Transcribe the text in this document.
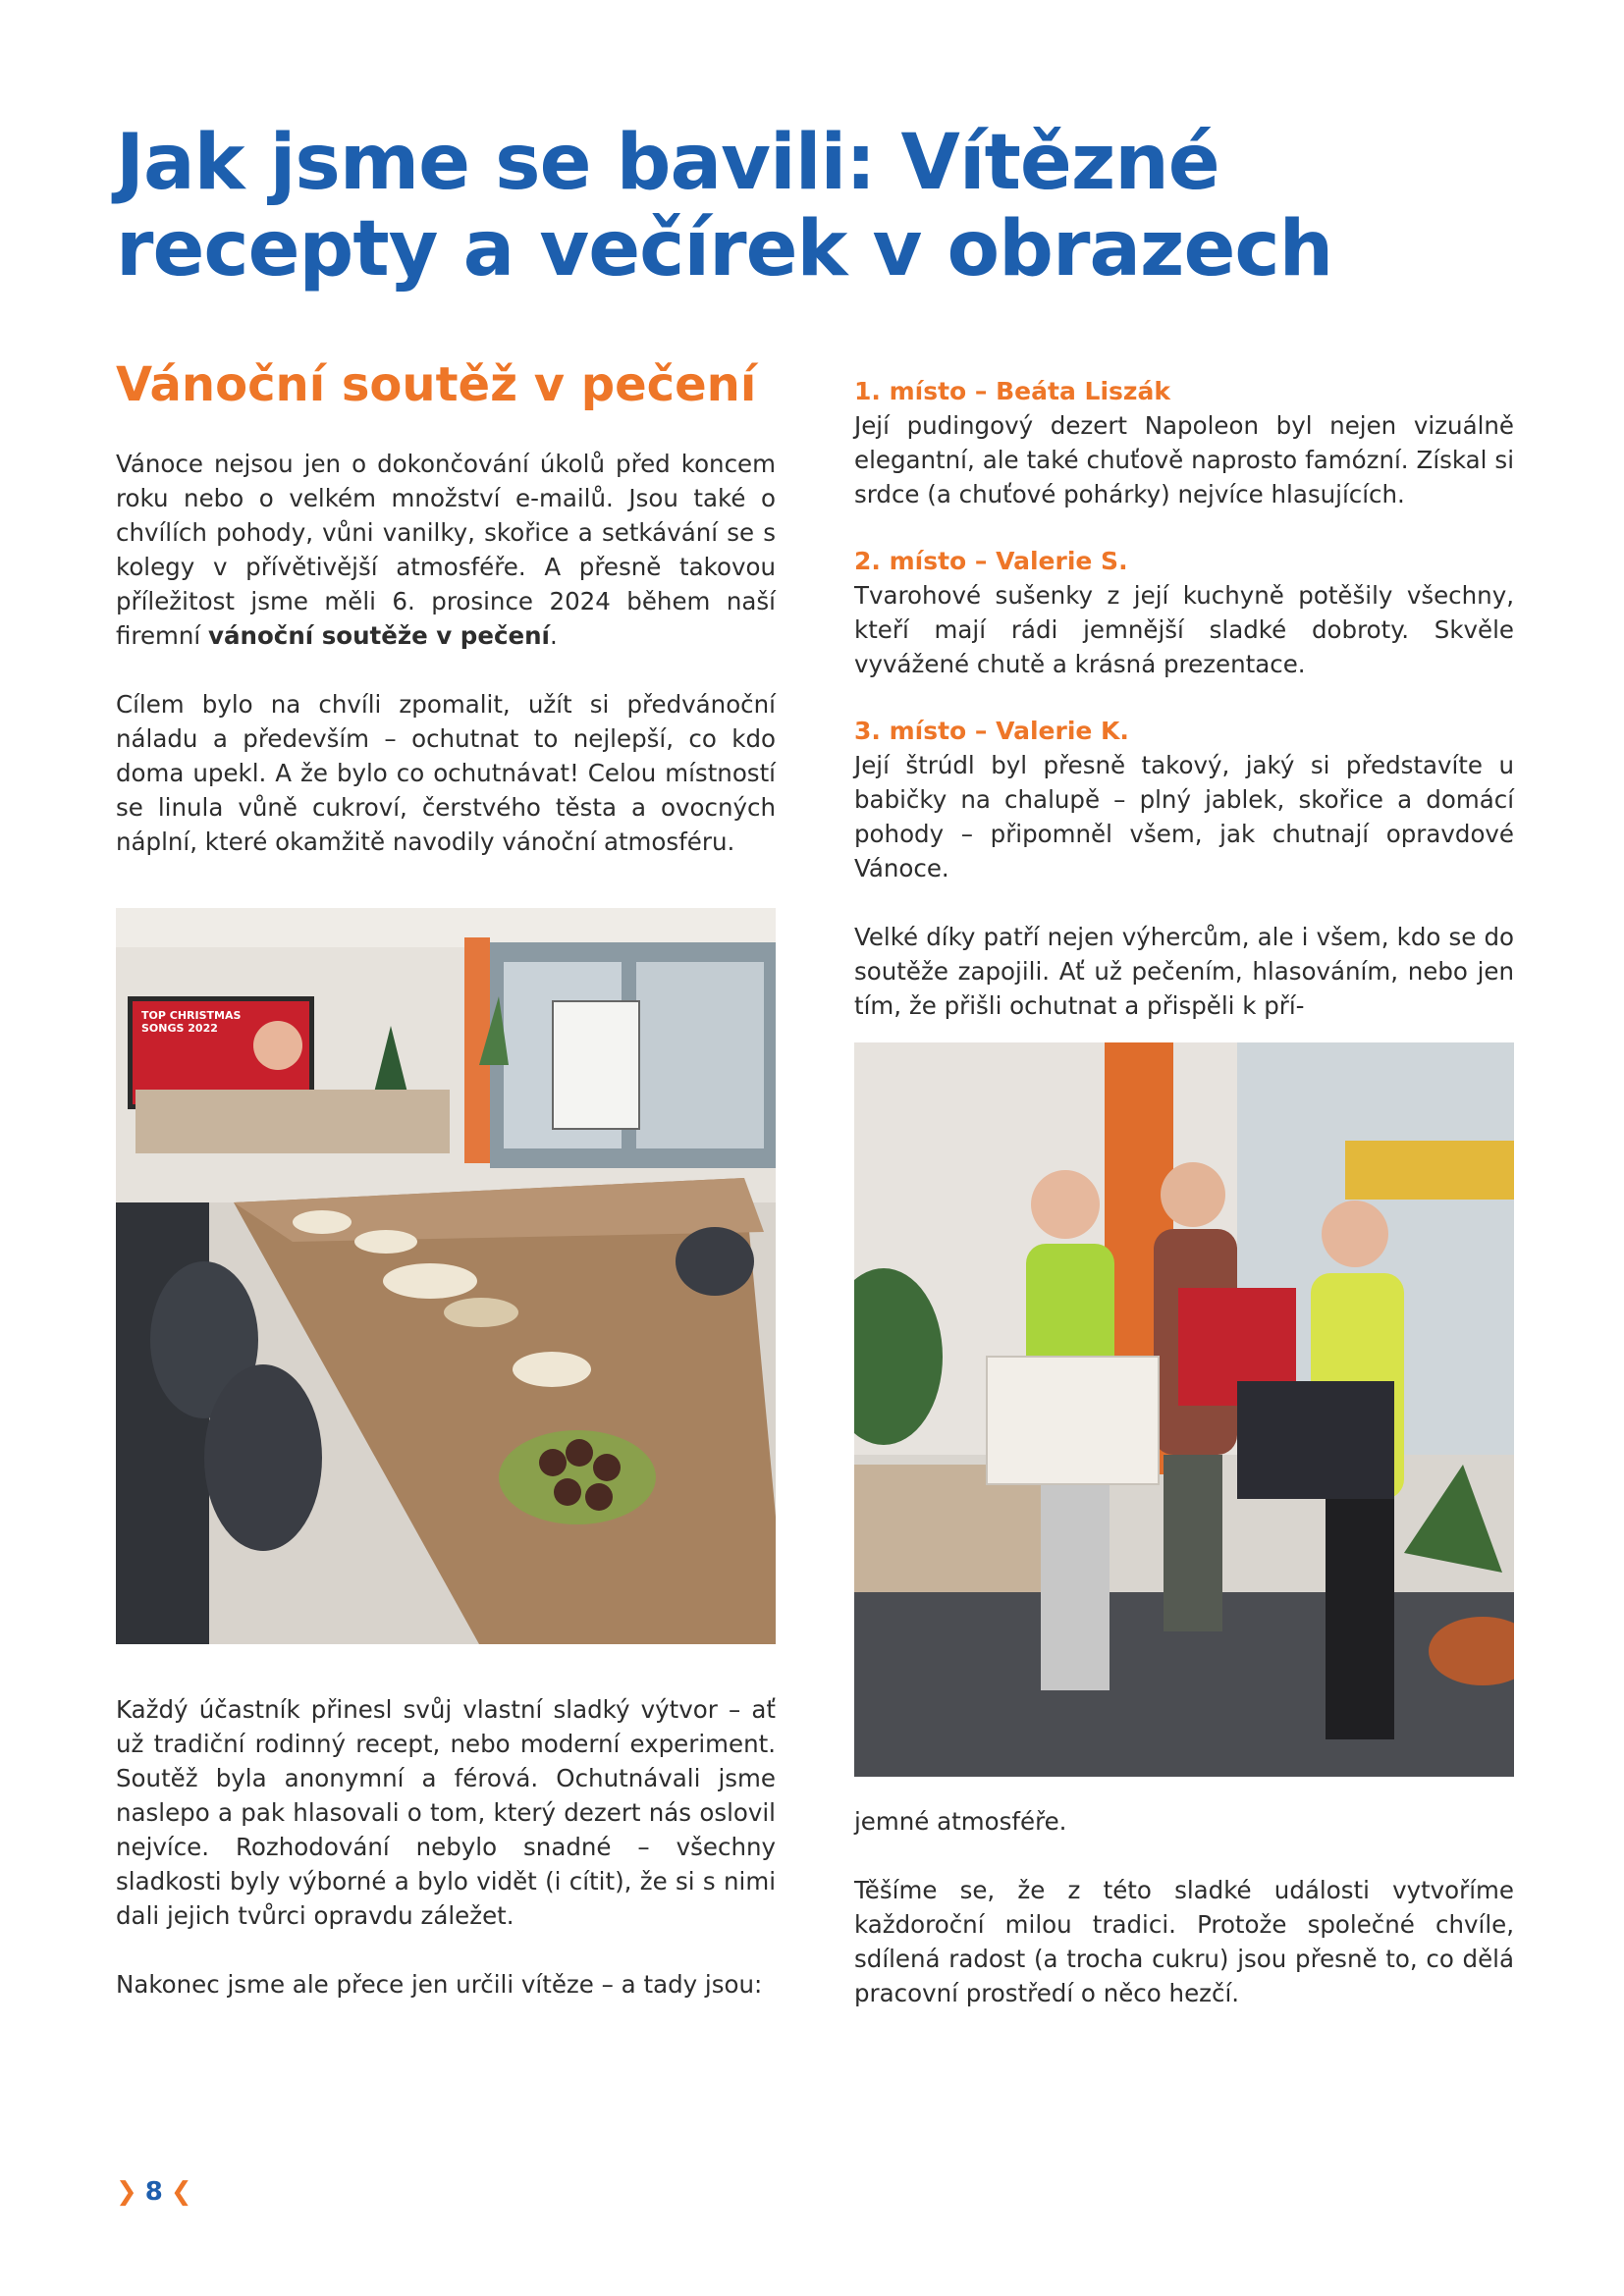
Jak jsme se bavili: Vítězné recepty a večírek v obrazech
Vánoční soutěž v pečení

Vánoce nejsou jen o dokončování úkolů před koncem roku nebo o velkém množství e-mailů. Jsou také o chvílích pohody, vůni vanilky, skořice a setkávání se s kolegy v přívětivější atmosféře. A přesně takovou příležitost jsme měli 6. prosince 2024 během naší firemní vánoční soutěže v pečení.

Cílem bylo na chvíli zpomalit, užít si předvánoční náladu a především – ochutnat to nejlepší, co kdo doma upekl. A že bylo co ochutnávat! Celou místností se linula vůně cukroví, čerstvého těsta a ovocných náplní, které okamžitě navodily vánoční atmosféru.

TOP CHRISTMAS
SONGS 2022

Každý účastník přinesl svůj vlastní sladký výtvor – ať už tradiční rodinný recept, nebo moderní experiment. Soutěž byla anonymní a férová. Ochutnávali jsme naslepo a pak hlasovali o tom, který dezert nás oslovil nejvíce. Rozhodování nebylo snadné – všechny sladkosti byly výborné a bylo vidět (i cítit), že si s nimi dali jejich tvůrci opravdu záležet.

Nakonec jsme ale přece jen určili vítěze – a tady jsou:

1. místo – Beáta Liszák

Její pudingový dezert Napoleon byl nejen vizuálně elegantní, ale také chuťově naprosto famózní. Získal si srdce (a chuťové pohárky) nejvíce hlasujících.

2. místo – Valerie S.

Tvarohové sušenky z její kuchyně potěšily všechny, kteří mají rádi jemnější sladké dobroty. Skvěle vyvážené chutě a krásná prezentace.

3. místo – Valerie K.

Její štrúdl byl přesně takový, jaký si představíte u babičky na chalupě – plný jablek, skořice a domácí pohody – připomněl všem, jak chutnají opravdové Vánoce.

Velké díky patří nejen výhercům, ale i všem, kdo se do soutěže zapojili. Ať už pečením, hlasováním, nebo jen tím, že přišli ochutnat a přispěli k pří-

jemné atmosféře.

Těšíme se, že z této sladké události vytvoříme každoroční milou tradici. Protože společné chvíle, sdílená radost (a trocha cukru) jsou přesně to, co dělá pracovní prostředí o něco hezčí.

❯ 8 ❮
